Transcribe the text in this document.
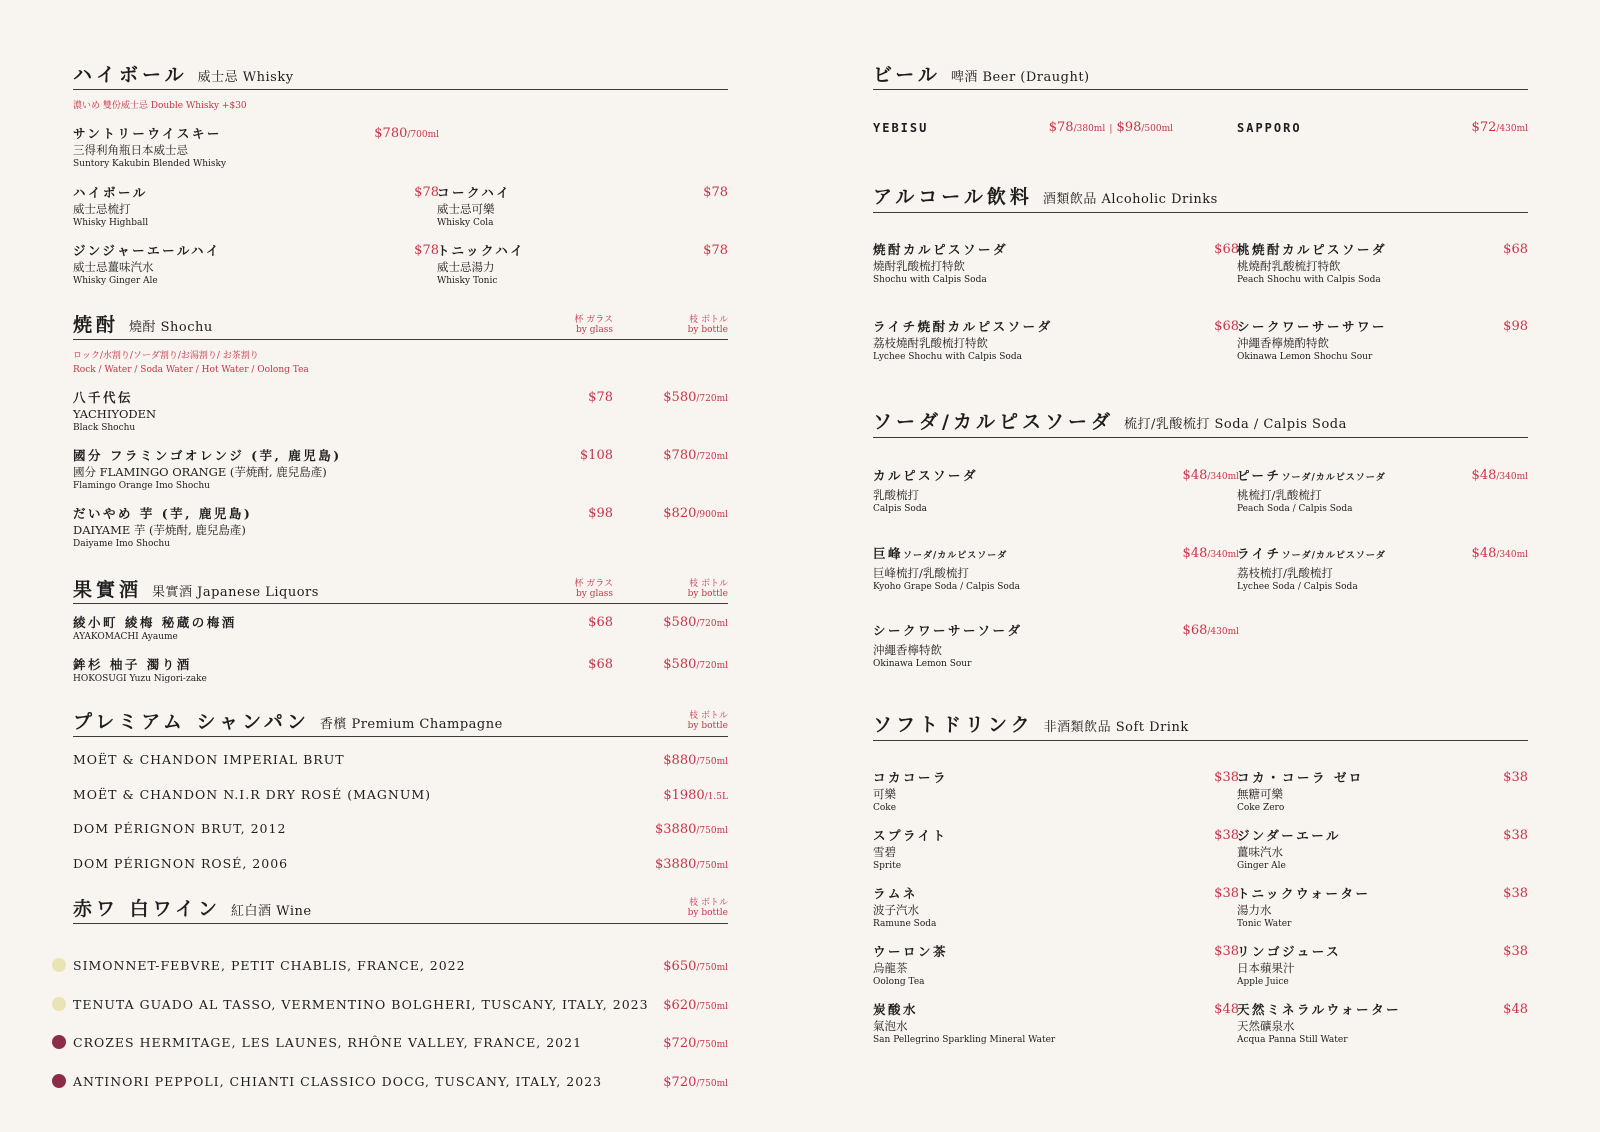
ハイボール 威士忌 Whisky
濃いめ 雙份威士忌 Double Whisky +$30
サントリーウイスキー
三得利角瓶日本威士忌
Suntory Kakubin Blended Whisky
$780/700ml
ハイボール
威士忌梳打
Whisky Highball
$78
コークハイ
威士忌可樂
Whisky Cola
$78
ジンジャーエールハイ
威士忌薑味汽水
Whisky Ginger Ale
$78
トニックハイ
威士忌湯力
Whisky Tonic
$78
焼酎 燒酎 Shochu	杯 ガラス
by glass
枝 ボトル
by bottle
ロック/水割り/ソーダ割り/お湯割り/ お茶割り
Rock / Water / Soda Water / Hot Water / Oolong Tea
八千代伝
YACHIYODEN
Black Shochu
$78	$580/720ml
國分 フラミンゴオレンジ (芋, 鹿児島)
國分 FLAMINGO ORANGE (芋焼酎, 鹿兒島產)
Flamingo Orange Imo Shochu
$108	$780/720ml
だいやめ 芋 (芋, 鹿児島)
DAIYAME 芋 (芋焼酎, 鹿兒島產)
Daiyame Imo Shochu
$98	$820/900ml
果實酒 果實酒 Japanese Liquors
杯 ガラス
by glass
枝 ボトル
by bottle
綾小町 綾梅 秘蔵の梅酒
AYAKOMACHI Ayaume
$68	$580/720ml
鉾杉 柚子 濁り酒
HOKOSUGI Yuzu Nigori-zake
$68	$580/720ml
プレミアム シャンパン 香檳 Premium Champagne
枝 ボトル
by bottle
MOËT & CHANDON IMPERIAL BRUT	$880/750ml
MOËT & CHANDON N.I.R DRY ROSÉ (MAGNUM)	$1980/1.5L
DOM PÉRIGNON BRUT, 2012	$3880/750ml
DOM PÉRIGNON ROSÉ, 2006	$3880/750ml
赤ワ 白ワイン 紅白酒 Wine
枝 ボトル
by bottle
SIMONNET-FEBVRE, PETIT CHABLIS, FRANCE, 2022	$650/750ml
TENUTA GUADO AL TASSO, VERMENTINO BOLGHERI, TUSCANY, ITALY, 2023	$620/750ml
CROZES HERMITAGE, LES LAUNES, RHÔNE VALLEY, FRANCE, 2021	$720/750ml
ANTINORI PEPPOLI, CHIANTI CLASSICO DOCG, TUSCANY, ITALY, 2023	$720/750ml
ビール 啤酒 Beer (Draught)
YEBISU	$78/380ml | $98/500ml	SAPPORO	$72/430ml
アルコール飲料 酒類飲品 Alcoholic Drinks
焼酎カルピスソーダ
燒酎乳酸梳打特飲
Shochu with Calpis Soda
$68
桃焼酎カルピスソーダ
桃燒酎乳酸梳打特飲
Peach Shochu with Calpis Soda
$68
ライチ焼酎カルピスソーダ
荔枝燒酎乳酸梳打特飲
Lychee Shochu with Calpis Soda
$68
シークワーサーサワー
沖繩香檸燒酌特飲
Okinawa Lemon Shochu Sour
$98
ソーダ/カルピスソーダ 梳打/乳酸梳打 Soda / Calpis Soda
カルピスソーダ
乳酸梳打
Calpis Soda
$48/340ml
ピーチソーダ/カルピスソーダ
桃梳打/乳酸梳打
Peach Soda / Calpis Soda
$48/340ml
巨峰ソーダ/カルピスソーダ
巨峰梳打/乳酸梳打
Kyoho Grape Soda / Calpis Soda
$48/340ml
ライチソーダ/カルピスソーダ
荔枝梳打/乳酸梳打
Lychee Soda / Calpis Soda
$48/340ml
シークワーサーソーダ
沖繩香檸特飲
Okinawa Lemon Sour
$68/430ml
ソフトドリンク 非酒類飲品 Soft Drink
コカコーラ
可樂
Coke
$38
コカ・コーラ ゼロ
無糖可樂
Coke Zero
$38
スプライト
雪碧
Sprite
$38
ジンダーエール
薑味汽水
Ginger Ale
$38
ラムネ
波子汽水
Ramune Soda
$38
トニックウォーター
湯力水
Tonic Water
$38
ウーロン茶
烏龍茶
Oolong Tea
$38
リンゴジュース
日本蘋果汁
Apple Juice
$38
炭酸水
氣泡水
San Pellegrino Sparkling Mineral Water
$48
天然ミネラルウォーター
天然礦泉水
Acqua Panna Still Water
$48
